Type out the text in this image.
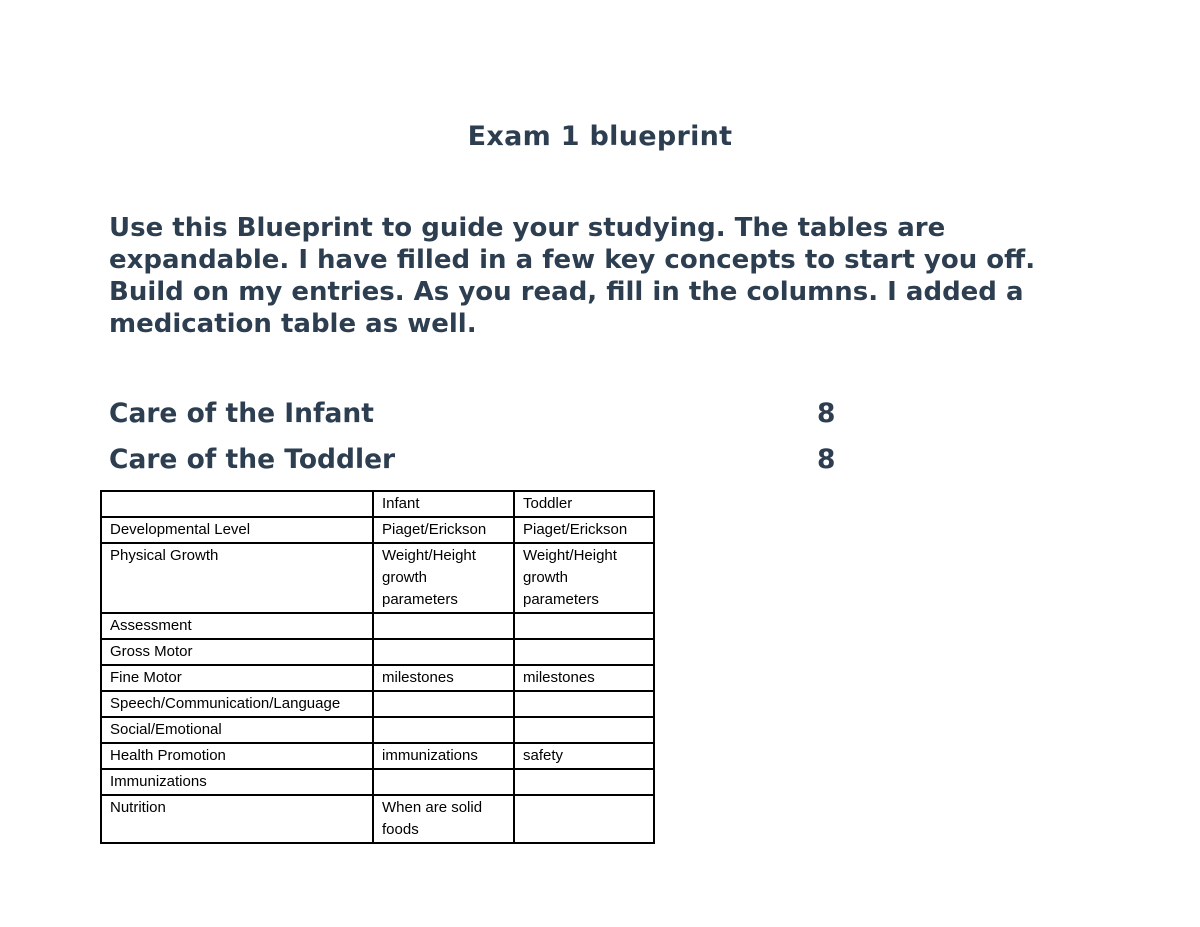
Exam 1 blueprint
Use this Blueprint to guide your studying. The tables are expandable. I have filled in a few key concepts to start you off. Build on my entries. As you read, fill in the columns. I added a medication table as well.
Care of the Infant	8
Care of the Toddler	8
	Infant	Toddler
Developmental Level	Piaget/Erickson	Piaget/Erickson
Physical Growth	Weight/Height growth parameters	Weight/Height growth parameters
Assessment		
Gross Motor		
Fine Motor	milestones	milestones
Speech/Communication/Language		
Social/Emotional		
Health Promotion	immunizations	safety
Immunizations		
Nutrition	When are solid foods	
